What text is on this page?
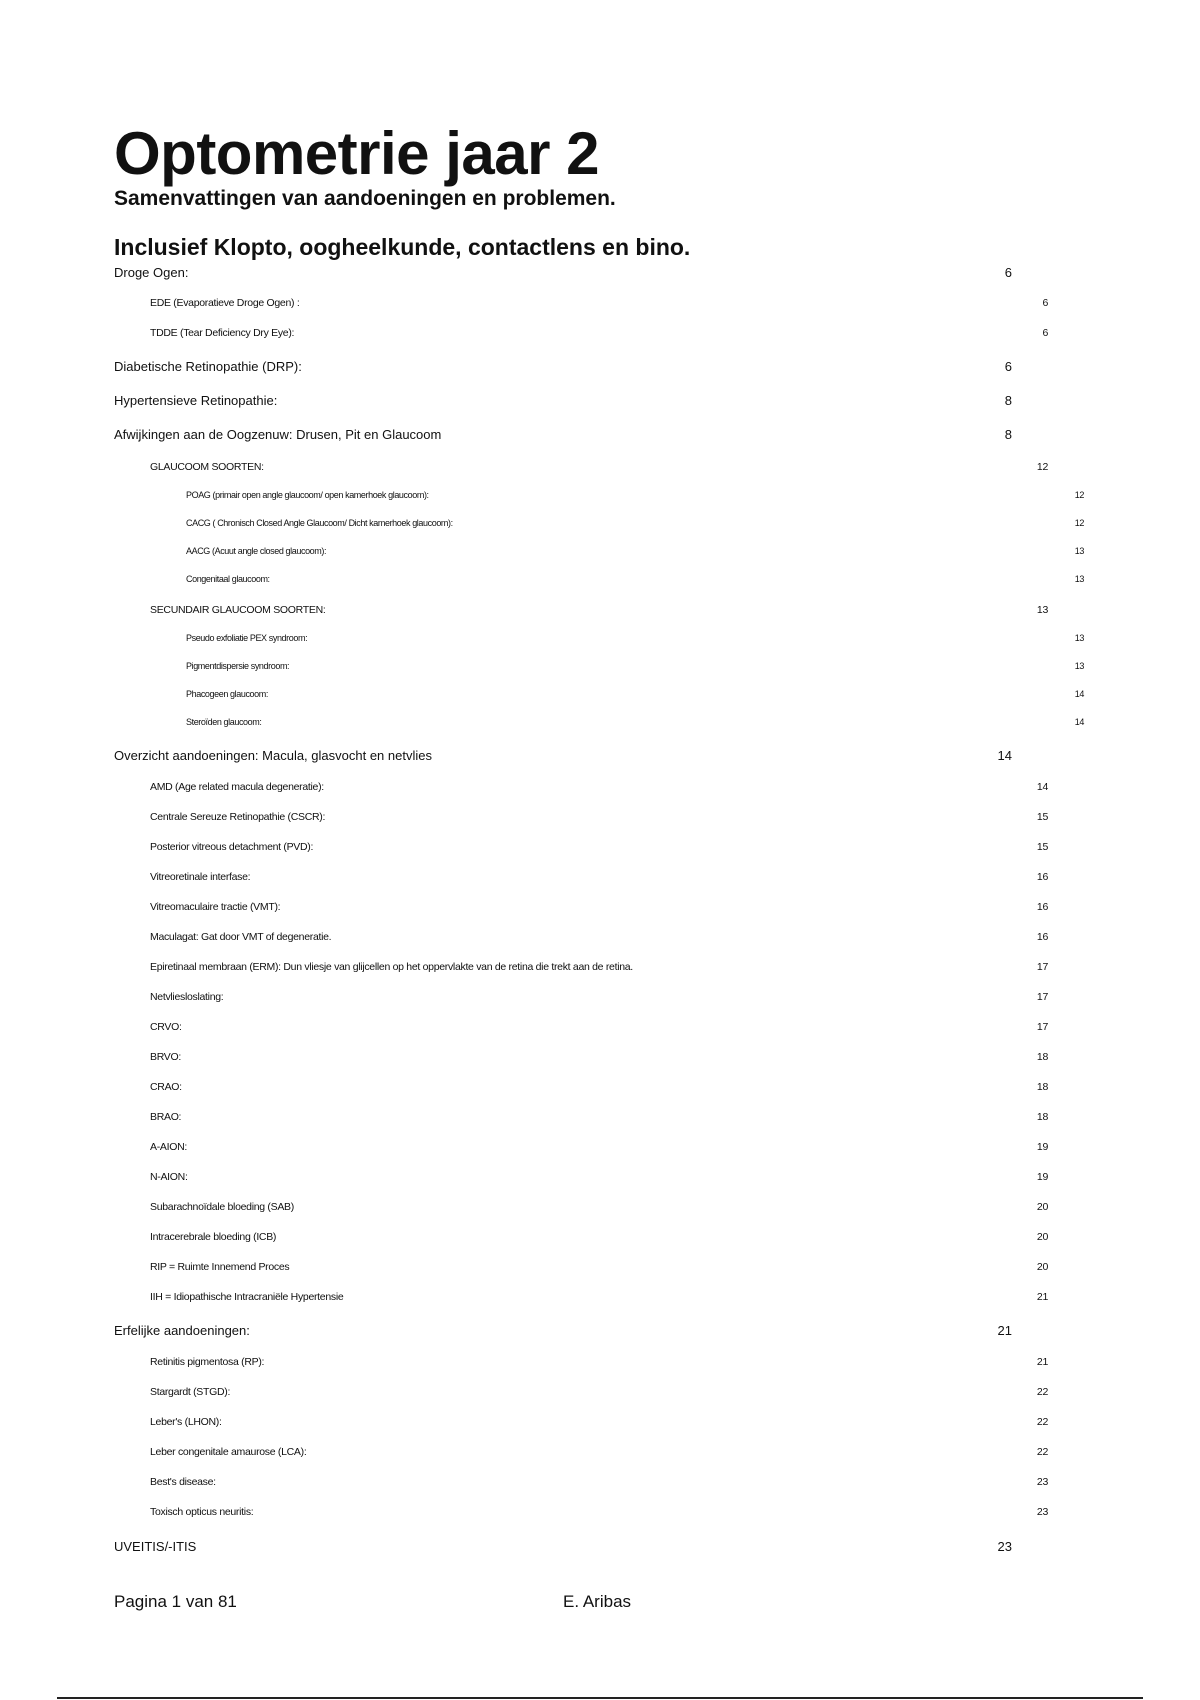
Optometrie jaar 2
Samenvattingen van aandoeningen en problemen.
Inclusief Klopto, oogheelkunde, contactlens en bino.
Droge Ogen:	6
EDE (Evaporatieve Droge Ogen) :	6
TDDE (Tear Deficiency Dry Eye):	6
Diabetische Retinopathie (DRP):	6
Hypertensieve Retinopathie:	8
Afwijkingen aan de Oogzenuw: Drusen, Pit en Glaucoom	8
GLAUCOOM SOORTEN:	12
POAG (primair open angle glaucoom/ open kamerhoek glaucoom):	12
CACG ( Chronisch Closed Angle Glaucoom/ Dicht kamerhoek glaucoom):	12
AACG (Acuut angle closed glaucoom):	13
Congenitaal glaucoom:	13
SECUNDAIR GLAUCOOM SOORTEN:	13
Pseudo exfoliatie PEX syndroom:	13
Pigmentdispersie syndroom:	13
Phacogeen glaucoom:	14
Steroïden glaucoom:	14
Overzicht aandoeningen: Macula, glasvocht en netvlies	14
AMD (Age related macula degeneratie):	14
Centrale Sereuze Retinopathie (CSCR):	15
Posterior vitreous detachment (PVD):	15
Vitreoretinale interfase:	16
Vitreomaculaire tractie (VMT):	16
Maculagat: Gat door VMT of degeneratie.	16
Epiretinaal membraan (ERM): Dun vliesje van glijcellen op het oppervlakte van de retina die trekt aan de retina.	17
Netvliesloslating:	17
CRVO:	17
BRVO:	18
CRAO:	18
BRAO:	18
A-AION:	19
N-AION:	19
Subarachnoïdale bloeding (SAB)	20
Intracerebrale bloeding (ICB)	20
RIP = Ruimte Innemend Proces	20
IIH = Idiopathische Intracraniële Hypertensie	21
Erfelijke aandoeningen:	21
Retinitis pigmentosa (RP):	21
Stargardt (STGD):	22
Leber's (LHON):	22
Leber congenitale amaurose (LCA):	22
Best's disease:	23
Toxisch opticus neuritis:	23
UVEITIS/-ITIS	23
Pagina 1 van 81	E. Aribas
